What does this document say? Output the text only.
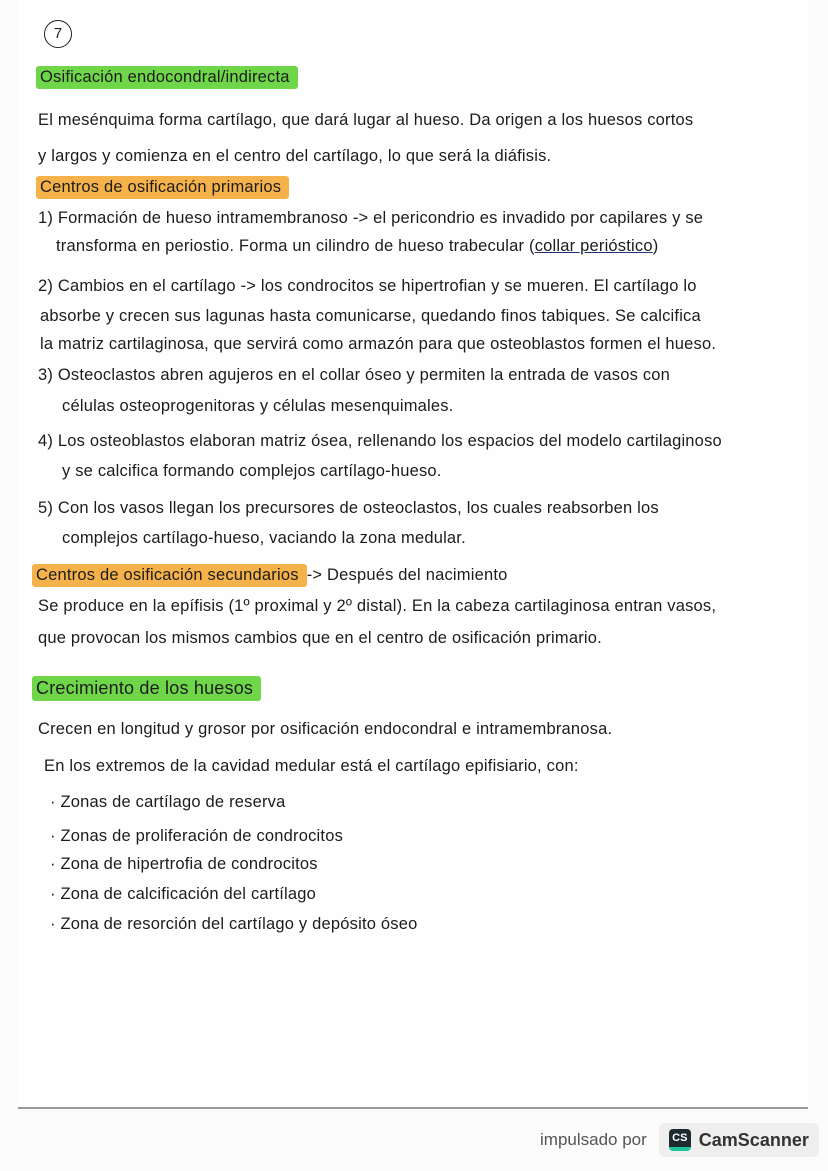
7
Osificación endocondral/indirecta
El mesénquima forma cartílago, que dará lugar al hueso. Da origen a los huesos cortos
y largos y comienza en el centro del cartílago, lo que será la diáfisis.
Centros de osificación primarios
1) Formación de hueso intramembranoso -> el pericondrio es invadido por capilares y se
transforma en periostio. Forma un cilindro de hueso trabecular (collar perióstico)
2) Cambios en el cartílago -> los condrocitos se hipertrofian y se mueren. El cartílago lo
absorbe y crecen sus lagunas hasta comunicarse, quedando finos tabiques. Se calcifica
la matriz cartilaginosa, que servirá como armazón para que osteoblastos formen el hueso.
3) Osteoclastos abren agujeros en el collar óseo y permiten la entrada de vasos con
células osteoprogenitoras y células mesenquimales.
4) Los osteoblastos elaboran matriz ósea, rellenando los espacios del modelo cartilaginoso
y se calcifica formando complejos cartílago-hueso.
5) Con los vasos llegan los precursores de osteoclastos, los cuales reabsorben los
complejos cartílago-hueso, vaciando la zona medular.
Centros de osificación secundarios -> Después del nacimiento
Se produce en la epífisis (1º proximal y 2º distal). En la cabeza cartilaginosa entran vasos,
que provocan los mismos cambios que en el centro de osificación primario.
Crecimiento de los huesos
Crecen en longitud y grosor por osificación endocondral e intramembranosa.
En los extremos de la cavidad medular está el cartílago epifisiario, con:
· Zonas de cartílago de reserva
· Zonas de proliferación de condrocitos
· Zona de hipertrofia de condrocitos
· Zona de calcificación del cartílago
· Zona de resorción del cartílago y depósito óseo
impulsado por	CS CamScanner
